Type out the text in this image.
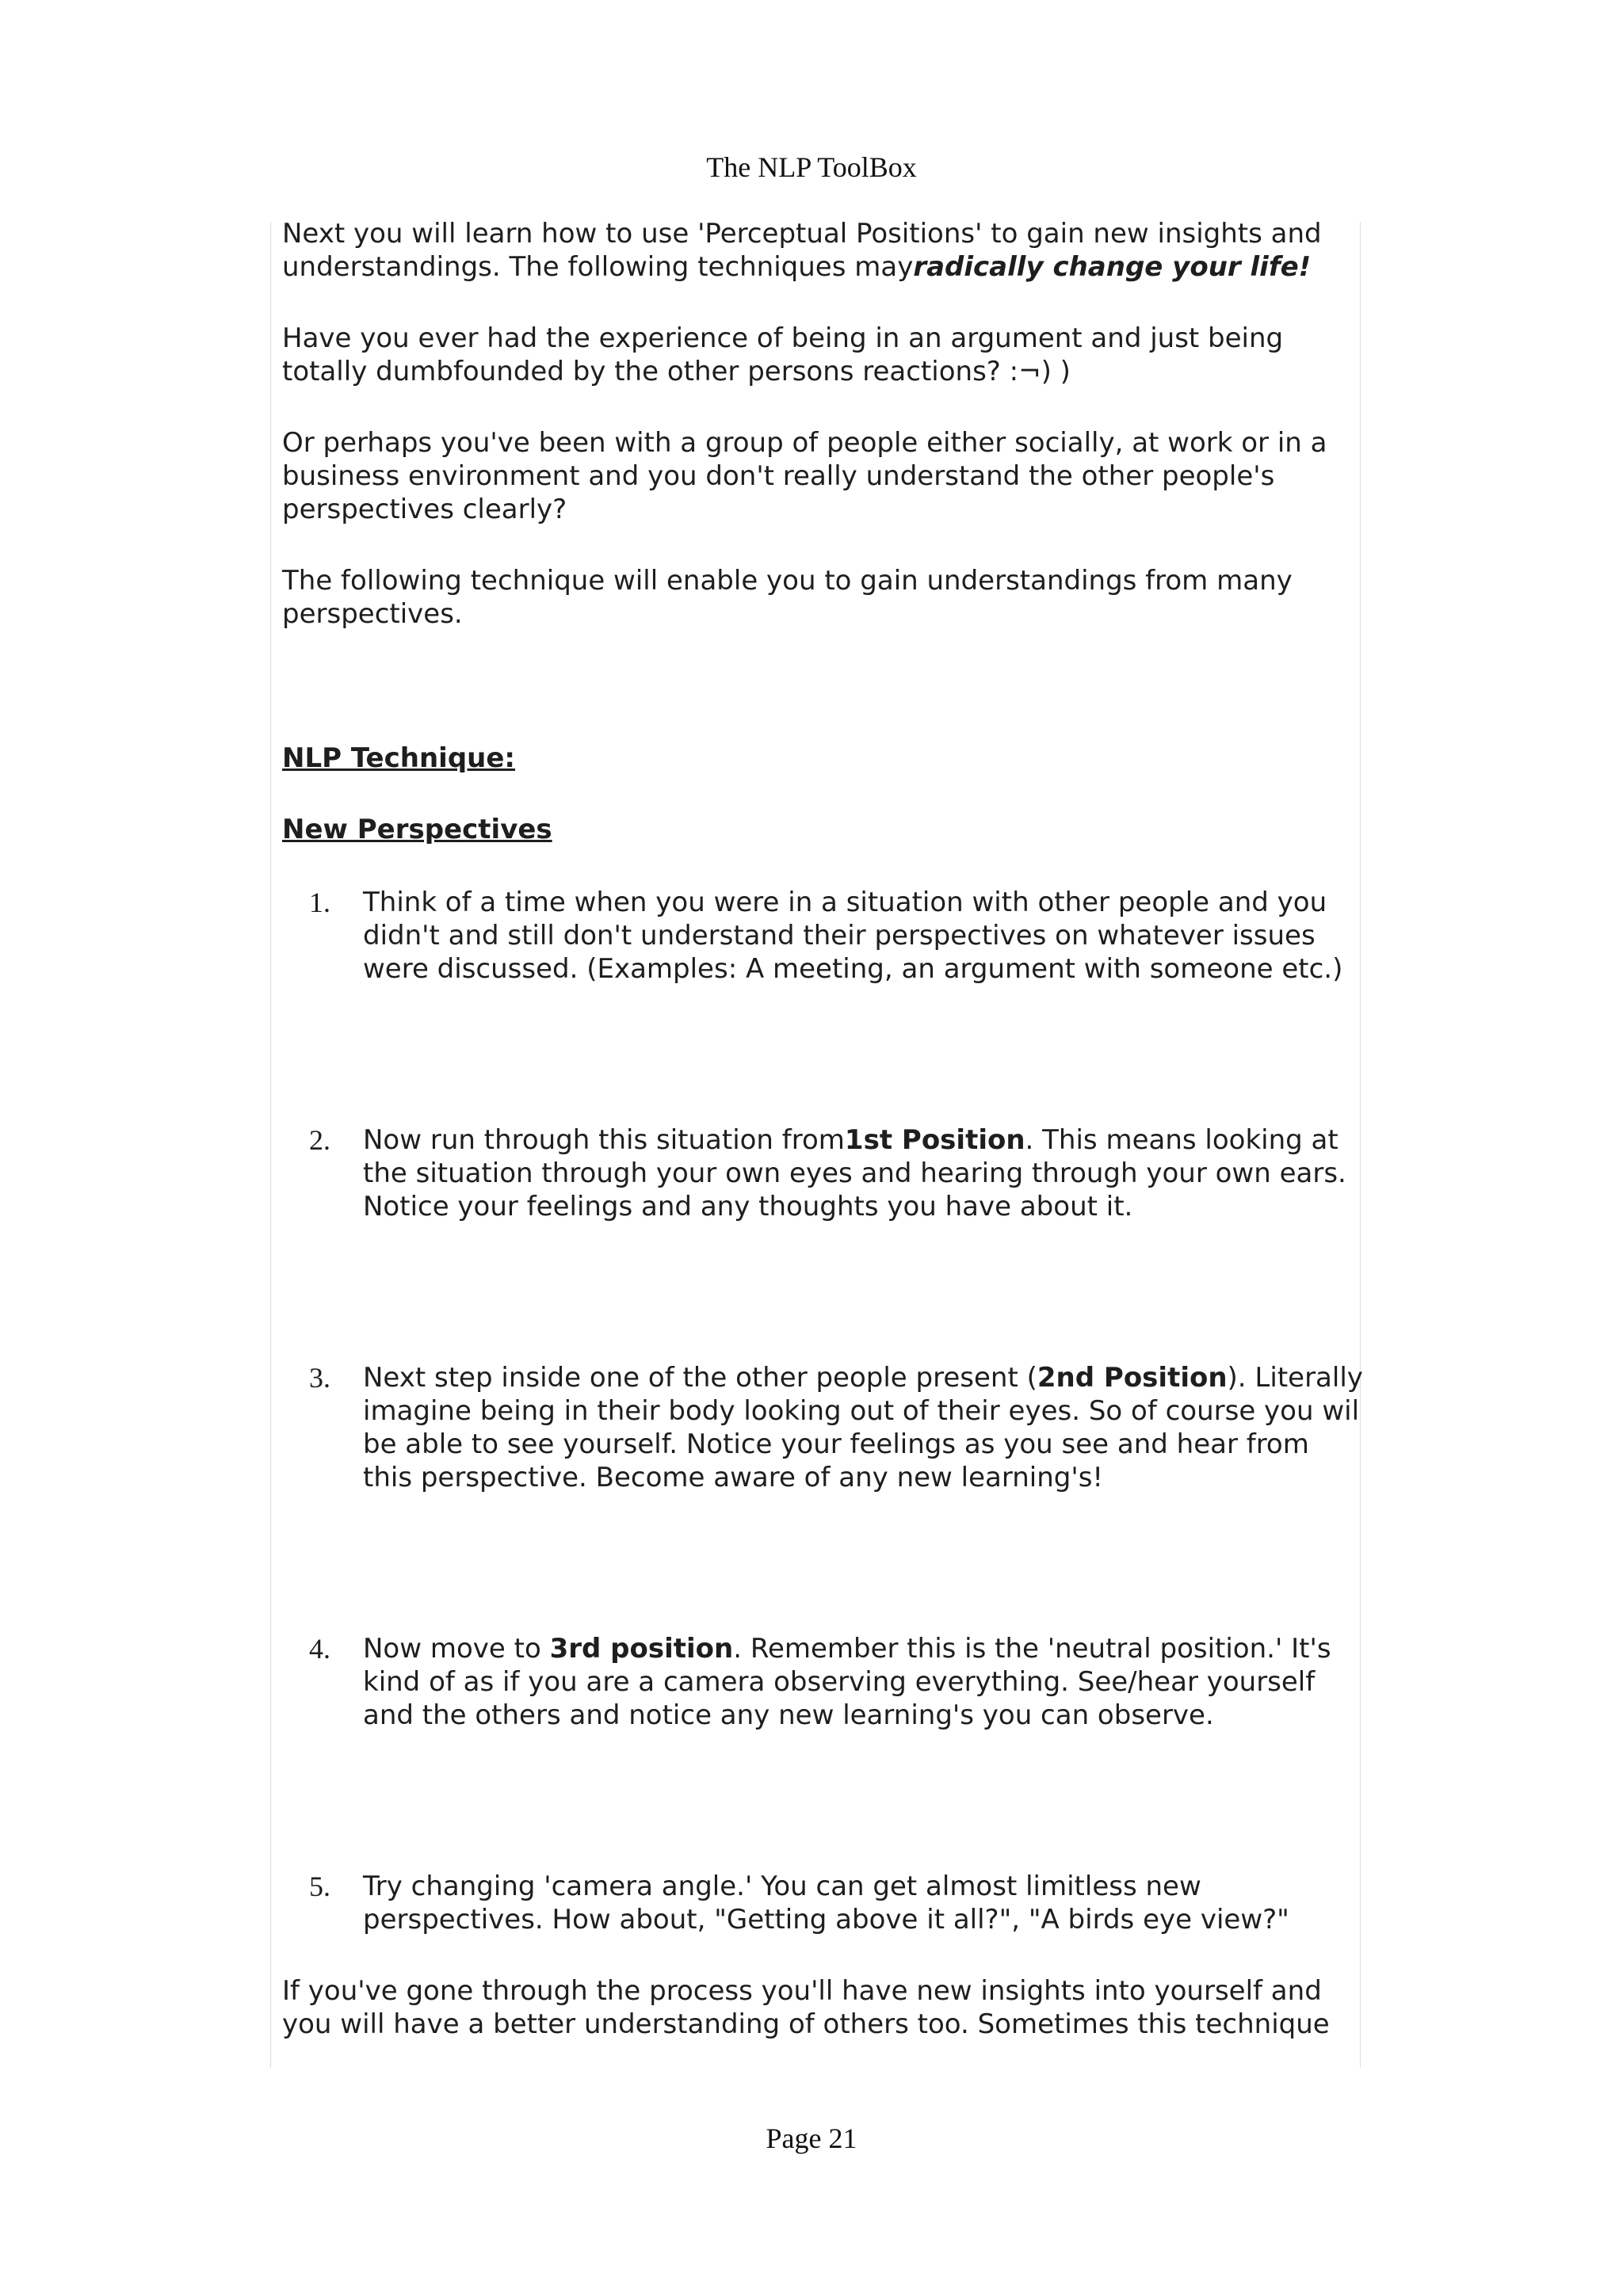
The NLP ToolBox

Next you will learn how to use 'Perceptual Positions' to gain new insights and understandings. The following techniques mayradically change your life!

Have you ever had the experience of being in an argument and just being totally dumbfounded by the other persons reactions? :¬) )

Or perhaps you've been with a group of people either socially, at work or in a business environment and you don't really understand the other people's perspectives clearly?

The following technique will enable you to gain understandings from many perspectives.

NLP Technique:

New Perspectives

1. Think of a time when you were in a situation with other people and you didn't and still don't understand their perspectives on whatever issues were discussed. (Examples: A meeting, an argument with someone etc.)
2. Now run through this situation from1st Position. This means looking at the situation through your own eyes and hearing through your own ears. Notice your feelings and any thoughts you have about it.
3. Next step inside one of the other people present (2nd Position). Literally imagine being in their body looking out of their eyes. So of course you wil be able to see yourself. Notice your feelings as you see and hear from this perspective. Become aware of any new learning's!
4. Now move to 3rd position. Remember this is the 'neutral position.' It's kind of as if you are a camera observing everything. See/hear yourself and the others and notice any new learning's you can observe.
5. Try changing 'camera angle.' You can get almost limitless new perspectives. How about, "Getting above it all?", "A birds eye view?"

If you've gone through the process you'll have new insights into yourself and you will have a better understanding of others too. Sometimes this technique

Page 21
